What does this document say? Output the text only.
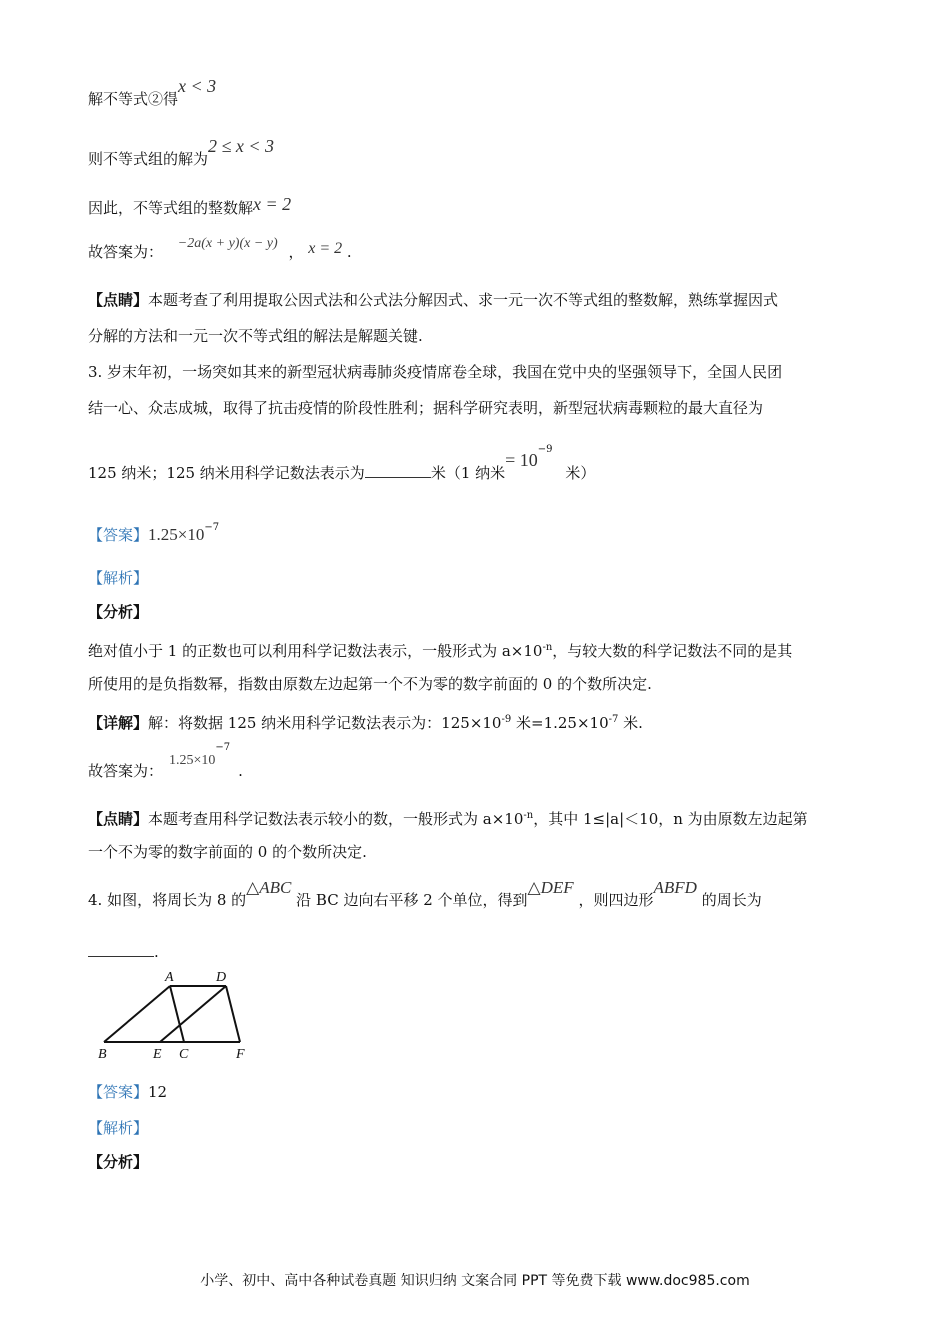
解不等式②得x < 3
则不等式组的解为2 ≤ x < 3
因此，不等式组的整数解x = 2
故答案为： −2a(x + y)(x − y) ， x = 2 .
【点睛】本题考查了利用提取公因式法和公式法分解因式、求一元一次不等式组的整数解，熟练掌握因式
分解的方法和一元一次不等式组的解法是解题关键.
3. 岁末年初，一场突如其来的新型冠状病毒肺炎疫情席卷全球，我国在党中央的坚强领导下，全国人民团
结一心、众志成城，取得了抗击疫情的阶段性胜利；据科学研究表明，新型冠状病毒颗粒的最大直径为
125 纳米；125 纳米用科学记数法表示为	米（1 纳米= $10^{-9}$ 米）
【答案】$1.25\times 10^{-7}$
【解析】
【分析】
绝对值小于 1 的正数也可以利用科学记数法表示，一般形式为 $a\times 10^{-n}$，与较大数的科学记数法不同的是其
所使用的是负指数幂，指数由原数左边起第一个不为零的数字前面的 0 的个数所决定.
【详解】解：将数据 125 纳米用科学记数法表示为：$125\times 10^{-9}$ 米$=1.25\times 10^{-7}$ 米.
故答案为：$1.25\times 10^{-7}$.
【点睛】本题考查用科学记数法表示较小的数，一般形式为 $a\times 10^{-n}$，其中 1≤|a|＜10，n 为由原数左边起第
一个不为零的数字前面的 0 的个数所决定.
4. 如图，将周长为 8 的△ABC 沿 BC 边向右平移 2 个单位，得到△DEF ，则四边形ABFD 的周长为
.
A	D
B	E C	F
【答案】12
【解析】
【分析】
小学、初中、高中各种试卷真题 知识归纳 文案合同 PPT 等免费下载 www.doc985.com
